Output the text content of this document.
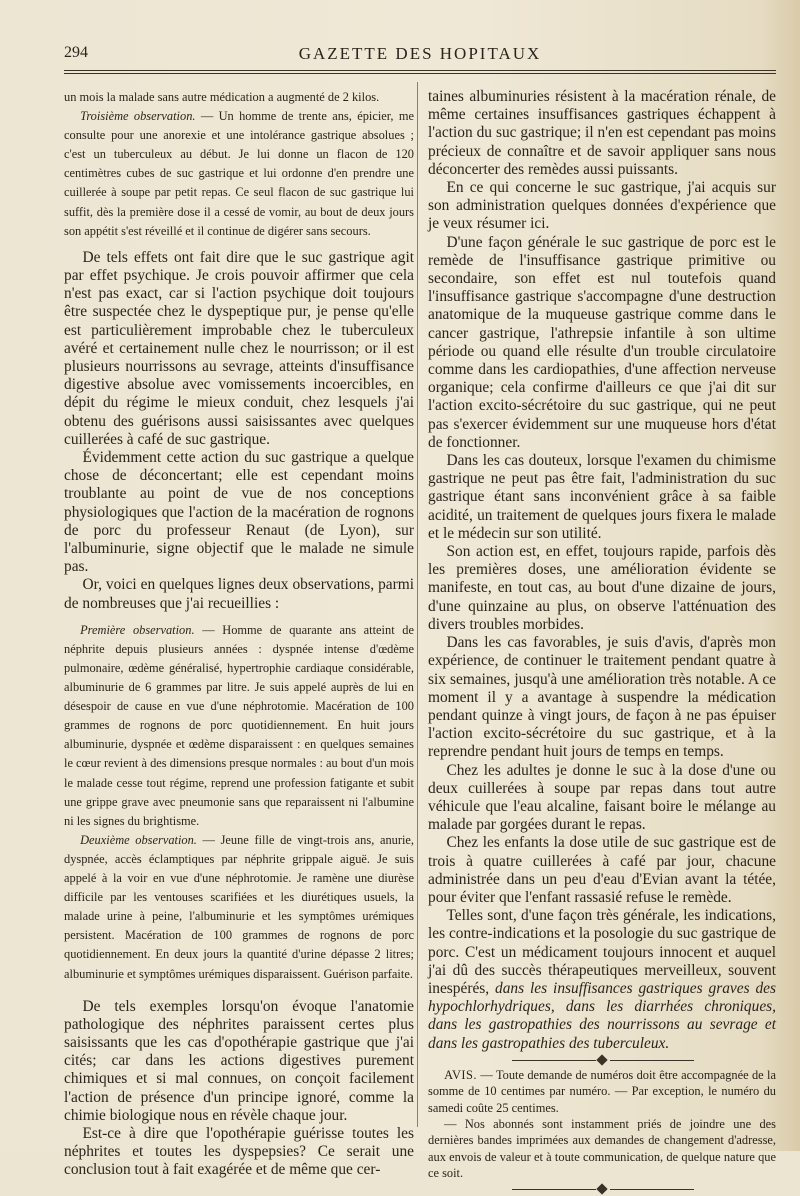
294	GAZETTE DES HOPITAUX

un mois la malade sans autre médication a augmenté de 2 kilos.

Troisième observation. — Un homme de trente ans, épicier, me consulte pour une anorexie et une intolérance gastrique absolues ; c'est un tuberculeux au début. Je lui donne un flacon de 120 centimètres cubes de suc gastrique et lui ordonne d'en prendre une cuillerée à soupe par petit repas. Ce seul flacon de suc gastrique lui suffit, dès la première dose il a cessé de vomir, au bout de deux jours son appétit s'est réveillé et il continue de digérer sans secours.

De tels effets ont fait dire que le suc gastrique agit par effet psychique. Je crois pouvoir affirmer que cela n'est pas exact, car si l'action psychique doit toujours être suspectée chez le dyspeptique pur, je pense qu'elle est particulièrement improbable chez le tuberculeux avéré et certainement nulle chez le nourrisson; or il est plusieurs nourrissons au sevrage, atteints d'insuffisance digestive absolue avec vomissements incoercibles, en dépit du régime le mieux conduit, chez lesquels j'ai obtenu des guérisons aussi saisissantes avec quelques cuillerées à café de suc gastrique.

Évidemment cette action du suc gastrique a quelque chose de déconcertant; elle est cependant moins troublante au point de vue de nos conceptions physiologiques que l'action de la macération de rognons de porc du professeur Renaut (de Lyon), sur l'albuminurie, signe objectif que le malade ne simule pas.

Or, voici en quelques lignes deux observations, parmi de nombreuses que j'ai recueillies :

Première observation. — Homme de quarante ans atteint de néphrite depuis plusieurs années : dyspnée intense d'œdème pulmonaire, œdème généralisé, hypertrophie cardiaque considérable, albuminurie de 6 grammes par litre. Je suis appelé auprès de lui en désespoir de cause en vue d'une néphrotomie. Macération de 100 grammes de rognons de porc quotidiennement. En huit jours albuminurie, dyspnée et œdème disparaissent : en quelques semaines le cœur revient à des dimensions presque normales : au bout d'un mois le malade cesse tout régime, reprend une profession fatigante et subit une grippe grave avec pneumonie sans que reparaissent ni l'albumine ni les signes du brightisme.

Deuxième observation. — Jeune fille de vingt-trois ans, anurie, dyspnée, accès éclamptiques par néphrite grippale aiguë. Je suis appelé à la voir en vue d'une néphrotomie. Je ramène une diurèse difficile par les ventouses scarifiées et les diurétiques usuels, la malade urine à peine, l'albuminurie et les symptômes urémiques persistent. Macération de 100 grammes de rognons de porc quotidiennement. En deux jours la quantité d'urine dépasse 2 litres; albuminurie et symptômes urémiques disparaissent. Guérison parfaite.

De tels exemples lorsqu'on évoque l'anatomie pathologique des néphrites paraissent certes plus saisissants que les cas d'opothérapie gastrique que j'ai cités; car dans les actions digestives purement chimiques et si mal connues, on conçoit facilement l'action de présence d'un principe ignoré, comme la chimie biologique nous en révèle chaque jour.

Est-ce à dire que l'opothérapie guérisse toutes les néphrites et toutes les dyspepsies? Ce serait une conclusion tout à fait exagérée et de même que cer-

taines albuminuries résistent à la macération rénale, de même certaines insuffisances gastriques échappent à l'action du suc gastrique; il n'en est cependant pas moins précieux de connaître et de savoir appliquer sans nous déconcerter des remèdes aussi puissants.

En ce qui concerne le suc gastrique, j'ai acquis sur son administration quelques données d'expérience que je veux résumer ici.

D'une façon générale le suc gastrique de porc est le remède de l'insuffisance gastrique primitive ou secondaire, son effet est nul toutefois quand l'insuffisance gastrique s'accompagne d'une destruction anatomique de la muqueuse gastrique comme dans le cancer gastrique, l'athrepsie infantile à son ultime période ou quand elle résulte d'un trouble circulatoire comme dans les cardiopathies, d'une affection nerveuse organique; cela confirme d'ailleurs ce que j'ai dit sur l'action excito-sécrétoire du suc gastrique, qui ne peut pas s'exercer évidemment sur une muqueuse hors d'état de fonctionner.

Dans les cas douteux, lorsque l'examen du chimisme gastrique ne peut pas être fait, l'administration du suc gastrique étant sans inconvénient grâce à sa faible acidité, un traitement de quelques jours fixera le malade et le médecin sur son utilité.

Son action est, en effet, toujours rapide, parfois dès les premières doses, une amélioration évidente se manifeste, en tout cas, au bout d'une dizaine de jours, d'une quinzaine au plus, on observe l'atténuation des divers troubles morbides.

Dans les cas favorables, je suis d'avis, d'après mon expérience, de continuer le traitement pendant quatre à six semaines, jusqu'à une amélioration très notable. A ce moment il y a avantage à suspendre la médication pendant quinze à vingt jours, de façon à ne pas épuiser l'action excito-sécrétoire du suc gastrique, et à la reprendre pendant huit jours de temps en temps.

Chez les adultes je donne le suc à la dose d'une ou deux cuillerées à soupe par repas dans tout autre véhicule que l'eau alcaline, faisant boire le mélange au malade par gorgées durant le repas.

Chez les enfants la dose utile de suc gastrique est de trois à quatre cuillerées à café par jour, chacune administrée dans un peu d'eau d'Evian avant la tétée, pour éviter que l'enfant rassasié refuse le remède.

Telles sont, d'une façon très générale, les indications, les contre-indications et la posologie du suc gastrique de porc. C'est un médicament toujours innocent et auquel j'ai dû des succès thérapeutiques merveilleux, souvent inespérés, dans les insuffisances gastriques graves des hypochlorhydriques, dans les diarrhées chroniques, dans les gastropathies des nourrissons au sevrage et dans les gastropathies des tuberculeux.

AVIS. — Toute demande de numéros doit être accompagnée de la somme de 10 centimes par numéro. — Par exception, le numéro du samedi coûte 25 centimes.

— Nos abonnés sont instamment priés de joindre une des dernières bandes imprimées aux demandes de changement d'adresse, aux envois de valeur et à toute communication, de quelque nature que ce soit.
